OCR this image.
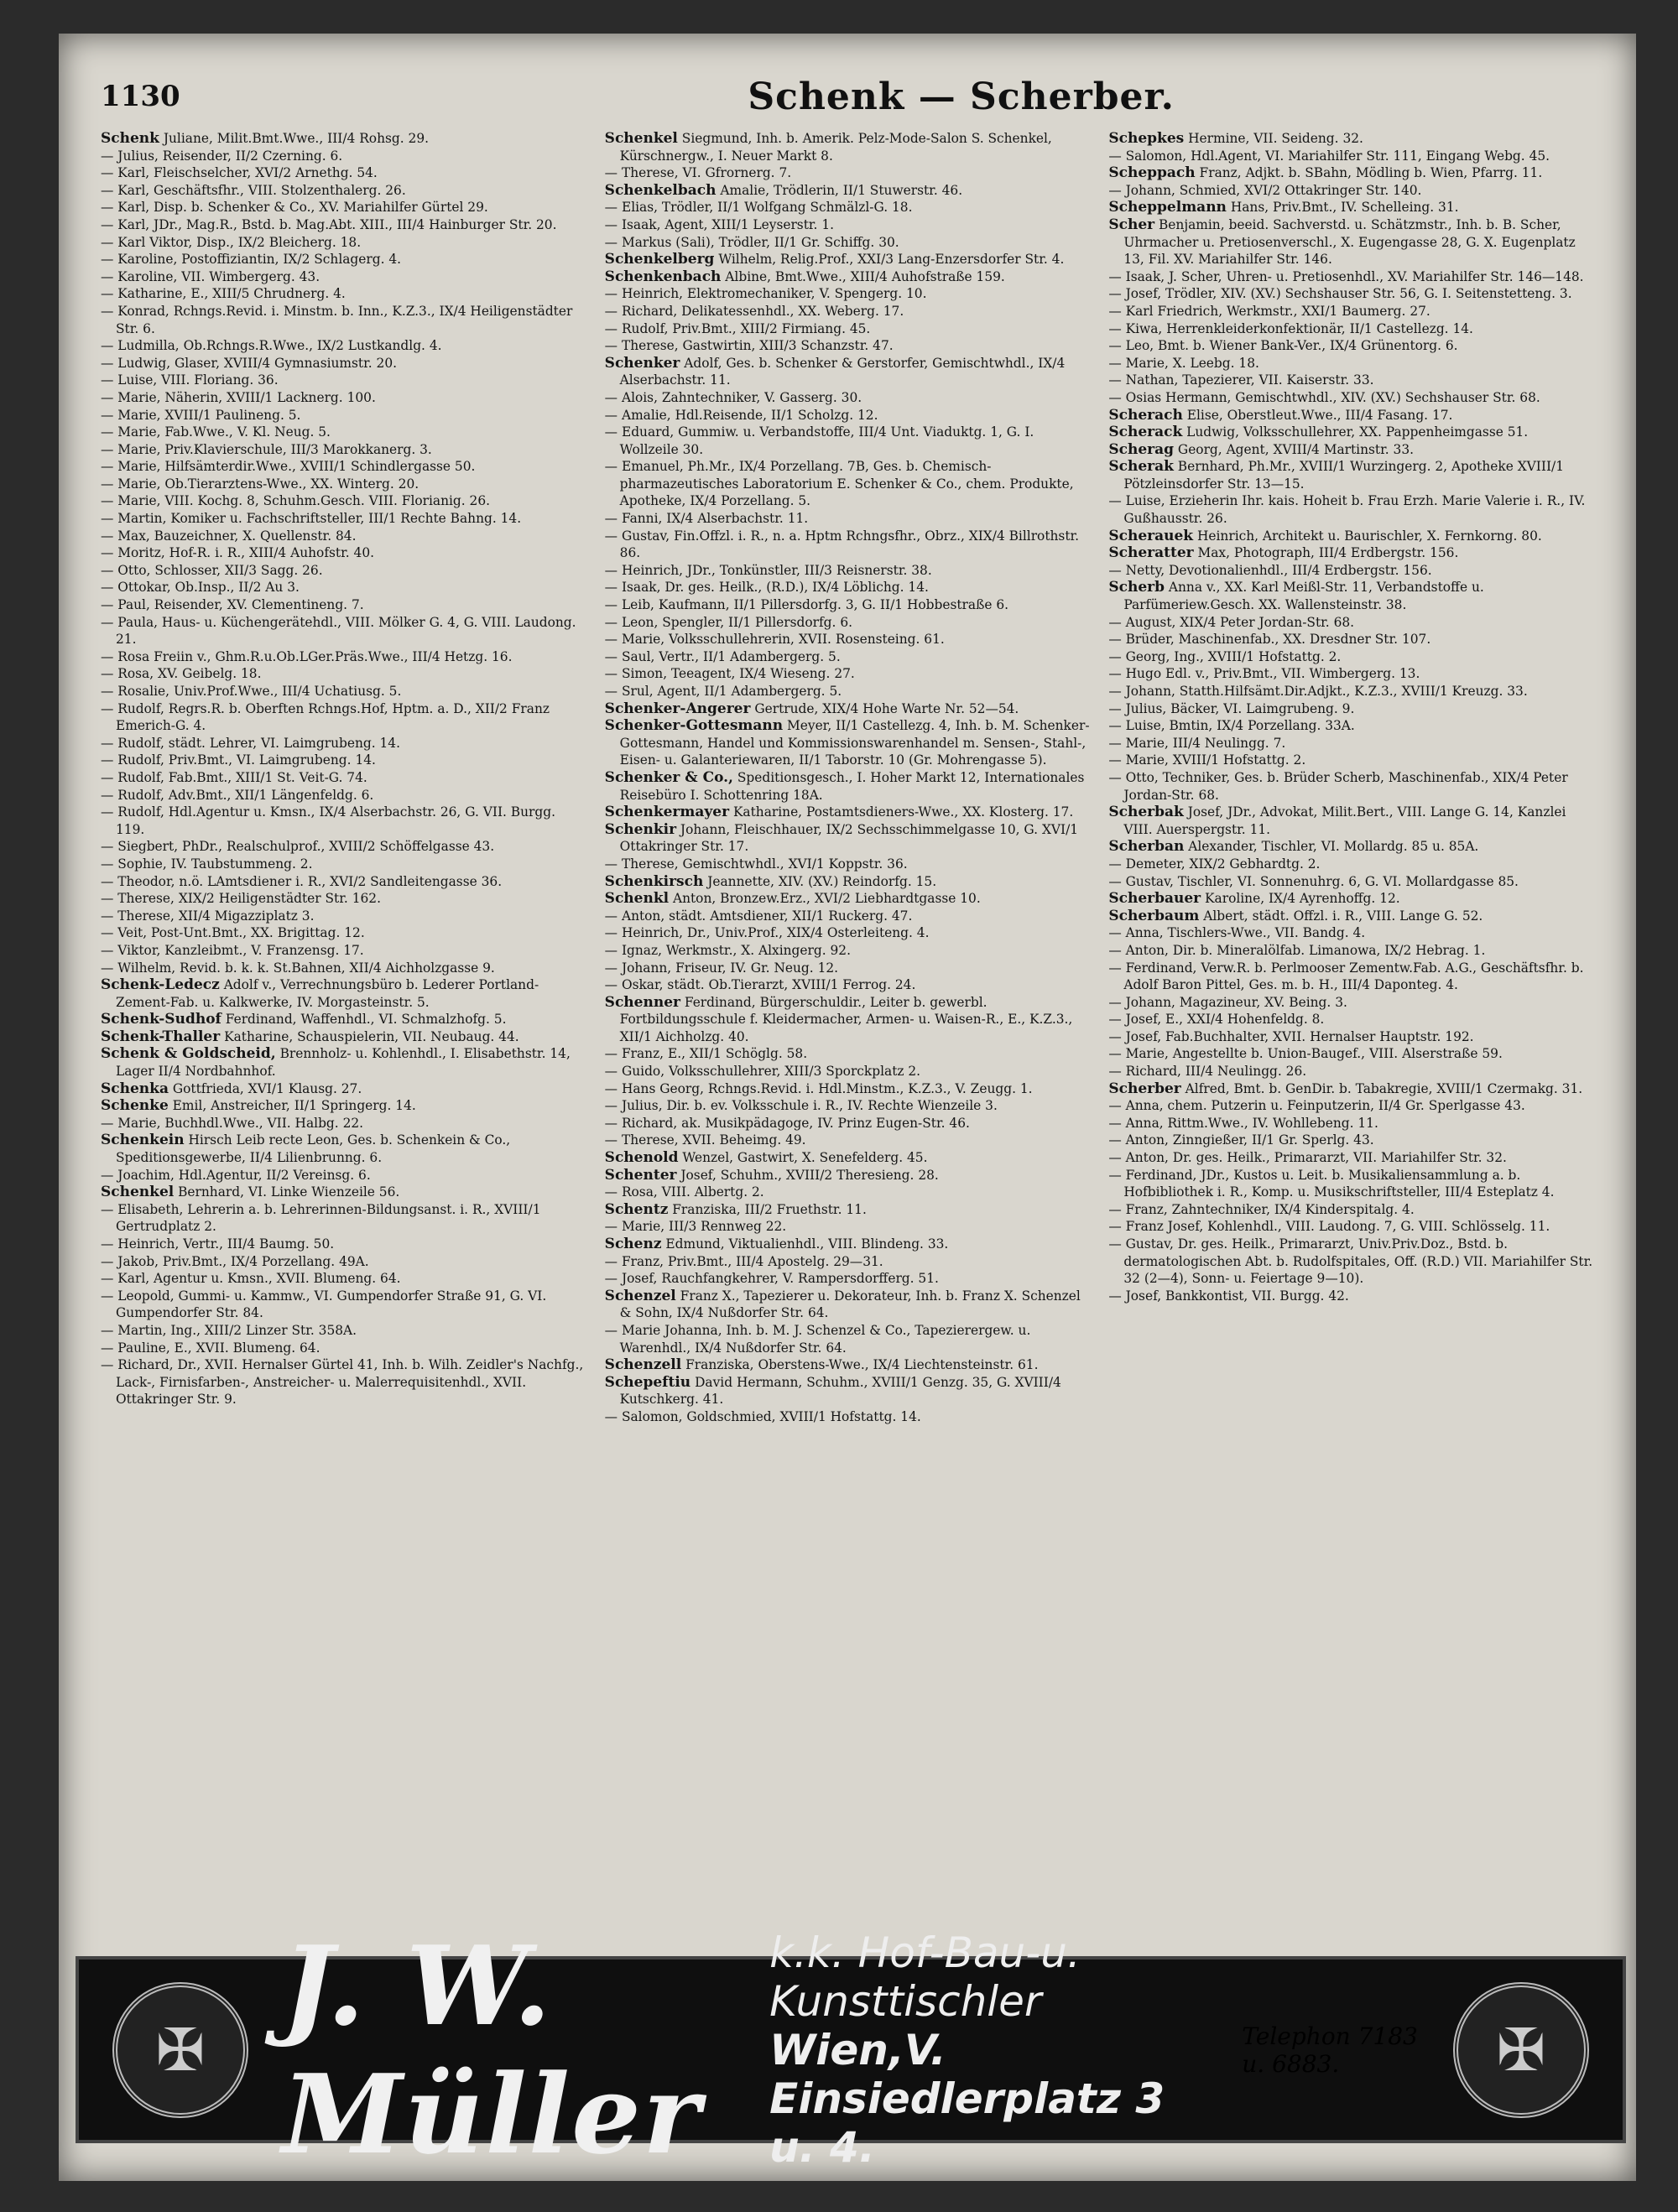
1130	Schenk — Scherber.

Schenk Juliane, Milit.Bmt.Wwe., III/4 Rohsg. 29.

— Julius, Reisender, II/2 Czerning. 6.

— Karl, Fleischselcher, XVI/2 Arnethg. 54.

— Karl, Geschäftsfhr., VIII. Stolzenthalerg. 26.

— Karl, Disp. b. Schenker & Co., XV. Mariahilfer Gürtel 29.

— Karl, JDr., Mag.R., Bstd. b. Mag.Abt. XIII., III/4 Hainburger Str. 20.

— Karl Viktor, Disp., IX/2 Bleicherg. 18.

— Karoline, Postoffiziantin, IX/2 Schlagerg. 4.

— Karoline, VII. Wimbergerg. 43.

— Katharine, E., XIII/5 Chrudnerg. 4.

— Konrad, Rchngs.Revid. i. Minstm. b. Inn., K.Z.3., IX/4 Heiligenstädter Str. 6.

— Ludmilla, Ob.Rchngs.R.Wwe., IX/2 Lustkandlg. 4.

— Ludwig, Glaser, XVIII/4 Gymnasiumstr. 20.

— Luise, VIII. Floriang. 36.

— Marie, Näherin, XVIII/1 Lacknerg. 100.

— Marie, XVIII/1 Paulineng. 5.

— Marie, Fab.Wwe., V. Kl. Neug. 5.

— Marie, Priv.Klavierschule, III/3 Marokkanerg. 3.

— Marie, Hilfsämterdir.Wwe., XVIII/1 Schindlergasse 50.

— Marie, Ob.Tierarztens-Wwe., XX. Winterg. 20.

— Marie, VIII. Kochg. 8, Schuhm.Gesch. VIII. Florianig. 26.

— Martin, Komiker u. Fachschriftsteller, III/1 Rechte Bahng. 14.

— Max, Bauzeichner, X. Quellenstr. 84.

— Moritz, Hof-R. i. R., XIII/4 Auhofstr. 40.

— Otto, Schlosser, XII/3 Sagg. 26.

— Ottokar, Ob.Insp., II/2 Au 3.

— Paul, Reisender, XV. Clementineng. 7.

— Paula, Haus- u. Küchengerätehdl., VIII. Mölker G. 4, G. VIII. Laudong. 21.

— Rosa Freiin v., Ghm.R.u.Ob.LGer.Präs.Wwe., III/4 Hetzg. 16.

— Rosa, XV. Geibelg. 18.

— Rosalie, Univ.Prof.Wwe., III/4 Uchatiusg. 5.

— Rudolf, Regrs.R. b. Oberften Rchngs.Hof, Hptm. a. D., XII/2 Franz Emerich-G. 4.

— Rudolf, städt. Lehrer, VI. Laimgrubeng. 14.

— Rudolf, Priv.Bmt., VI. Laimgrubeng. 14.

— Rudolf, Fab.Bmt., XIII/1 St. Veit-G. 74.

— Rudolf, Adv.Bmt., XII/1 Längenfeldg. 6.

— Rudolf, Hdl.Agentur u. Kmsn., IX/4 Alserbachstr. 26, G. VII. Burgg. 119.

— Siegbert, PhDr., Realschulprof., XVIII/2 Schöffelgasse 43.

— Sophie, IV. Taubstummeng. 2.

— Theodor, n.ö. LAmtsdiener i. R., XVI/2 Sandleitengasse 36.

— Therese, XIX/2 Heiligenstädter Str. 162.

— Therese, XII/4 Migazziplatz 3.

— Veit, Post-Unt.Bmt., XX. Brigittag. 12.

— Viktor, Kanzleibmt., V. Franzensg. 17.

— Wilhelm, Revid. b. k. k. St.Bahnen, XII/4 Aichholzgasse 9.

Schenk-Ledecz Adolf v., Verrechnungsbüro b. Lederer Portland-Zement-Fab. u. Kalkwerke, IV. Morgasteinstr. 5.

Schenk-Sudhof Ferdinand, Waffenhdl., VI. Schmalzhofg. 5.

Schenk-Thaller Katharine, Schauspielerin, VII. Neubaug. 44.

Schenk & Goldscheid, Brennholz- u. Kohlenhdl., I. Elisabethstr. 14, Lager II/4 Nordbahnhof.

Schenka Gottfrieda, XVI/1 Klausg. 27.

Schenke Emil, Anstreicher, II/1 Springerg. 14.

— Marie, Buchhdl.Wwe., VII. Halbg. 22.

Schenkein Hirsch Leib recte Leon, Ges. b. Schenkein & Co., Speditionsgewerbe, II/4 Lilienbrunng. 6.

— Joachim, Hdl.Agentur, II/2 Vereinsg. 6.

Schenkel Bernhard, VI. Linke Wienzeile 56.

— Elisabeth, Lehrerin a. b. Lehrerinnen-Bildungsanst. i. R., XVIII/1 Gertrudplatz 2.

— Heinrich, Vertr., III/4 Baumg. 50.

— Jakob, Priv.Bmt., IX/4 Porzellang. 49A.

— Karl, Agentur u. Kmsn., XVII. Blumeng. 64.

— Leopold, Gummi- u. Kammw., VI. Gumpendorfer Straße 91, G. VI. Gumpendorfer Str. 84.

— Martin, Ing., XIII/2 Linzer Str. 358A.

— Pauline, E., XVII. Blumeng. 64.

— Richard, Dr., XVII. Hernalser Gürtel 41, Inh. b. Wilh. Zeidler's Nachfg., Lack-, Firnisfarben-, Anstreicher- u. Malerrequisitenhdl., XVII. Ottakringer Str. 9.

Schenkel Siegmund, Inh. b. Amerik. Pelz-Mode-Salon S. Schenkel, Kürschnergw., I. Neuer Markt 8.

— Therese, VI. Gfrornerg. 7.

Schenkelbach Amalie, Trödlerin, II/1 Stuwerstr. 46.

— Elias, Trödler, II/1 Wolfgang Schmälzl-G. 18.

— Isaak, Agent, XIII/1 Leyserstr. 1.

— Markus (Sali), Trödler, II/1 Gr. Schiffg. 30.

Schenkelberg Wilhelm, Relig.Prof., XXI/3 Lang-Enzersdorfer Str. 4.

Schenkenbach Albine, Bmt.Wwe., XIII/4 Auhofstraße 159.

— Heinrich, Elektromechaniker, V. Spengerg. 10.

— Richard, Delikatessenhdl., XX. Weberg. 17.

— Rudolf, Priv.Bmt., XIII/2 Firmiang. 45.

— Therese, Gastwirtin, XIII/3 Schanzstr. 47.

Schenker Adolf, Ges. b. Schenker & Gerstorfer, Gemischtwhdl., IX/4 Alserbachstr. 11.

— Alois, Zahntechniker, V. Gasserg. 30.

— Amalie, Hdl.Reisende, II/1 Scholzg. 12.

— Eduard, Gummiw. u. Verbandstoffe, III/4 Unt. Viaduktg. 1, G. I. Wollzeile 30.

— Emanuel, Ph.Mr., IX/4 Porzellang. 7B, Ges. b. Chemisch-pharmazeutisches Laboratorium E. Schenker & Co., chem. Produkte, Apotheke, IX/4 Porzellang. 5.

— Fanni, IX/4 Alserbachstr. 11.

— Gustav, Fin.Offzl. i. R., n. a. Hptm Rchngsfhr., Obrz., XIX/4 Billrothstr. 86.

— Heinrich, JDr., Tonkünstler, III/3 Reisnerstr. 38.

— Isaak, Dr. ges. Heilk., (R.D.), IX/4 Löblichg. 14.

— Leib, Kaufmann, II/1 Pillersdorfg. 3, G. II/1 Hobbestraße 6.

— Leon, Spengler, II/1 Pillersdorfg. 6.

— Marie, Volksschullehrerin, XVII. Rosensteing. 61.

— Saul, Vertr., II/1 Adambergerg. 5.

— Simon, Teeagent, IX/4 Wieseng. 27.

— Srul, Agent, II/1 Adambergerg. 5.

Schenker-Angerer Gertrude, XIX/4 Hohe Warte Nr. 52—54.

Schenker-Gottesmann Meyer, II/1 Castellezg. 4, Inh. b. M. Schenker-Gottesmann, Handel und Kommissionswarenhandel m. Sensen-, Stahl-, Eisen- u. Galanteriewaren, II/1 Taborstr. 10 (Gr. Mohrengasse 5).

Schenker & Co., Speditionsgesch., I. Hoher Markt 12, Internationales Reisebüro I. Schottenring 18A.

Schenkermayer Katharine, Postamtsdieners-Wwe., XX. Klosterg. 17.

Schenkir Johann, Fleischhauer, IX/2 Sechsschimmelgasse 10, G. XVI/1 Ottakringer Str. 17.

— Therese, Gemischtwhdl., XVI/1 Koppstr. 36.

Schenkirsch Jeannette, XIV. (XV.) Reindorfg. 15.

Schenkl Anton, Bronzew.Erz., XVI/2 Liebhardtgasse 10.

— Anton, städt. Amtsdiener, XII/1 Ruckerg. 47.

— Heinrich, Dr., Univ.Prof., XIX/4 Osterleiteng. 4.

— Ignaz, Werkmstr., X. Alxingerg. 92.

— Johann, Friseur, IV. Gr. Neug. 12.

— Oskar, städt. Ob.Tierarzt, XVIII/1 Ferrog. 24.

Schenner Ferdinand, Bürgerschuldir., Leiter b. gewerbl. Fortbildungsschule f. Kleidermacher, Armen- u. Waisen-R., E., K.Z.3., XII/1 Aichholzg. 40.

— Franz, E., XII/1 Schöglg. 58.

— Guido, Volksschullehrer, XIII/3 Sporckplatz 2.

— Hans Georg, Rchngs.Revid. i. Hdl.Minstm., K.Z.3., V. Zeugg. 1.

— Julius, Dir. b. ev. Volksschule i. R., IV. Rechte Wienzeile 3.

— Richard, ak. Musikpädagoge, IV. Prinz Eugen-Str. 46.

— Therese, XVII. Beheimg. 49.

Schenold Wenzel, Gastwirt, X. Senefelderg. 45.

Schenter Josef, Schuhm., XVIII/2 Theresieng. 28.

— Rosa, VIII. Albertg. 2.

Schentz Franziska, III/2 Fruethstr. 11.

— Marie, III/3 Rennweg 22.

Schenz Edmund, Viktualienhdl., VIII. Blindeng. 33.

— Franz, Priv.Bmt., III/4 Apostelg. 29—31.

— Josef, Rauchfangkehrer, V. Rampersdorfferg. 51.

Schenzel Franz X., Tapezierer u. Dekorateur, Inh. b. Franz X. Schenzel & Sohn, IX/4 Nußdorfer Str. 64.

— Marie Johanna, Inh. b. M. J. Schenzel & Co., Tapezierergew. u. Warenhdl., IX/4 Nußdorfer Str. 64.

Schenzell Franziska, Oberstens-Wwe., IX/4 Liechtensteinstr. 61.

Schepeftiu David Hermann, Schuhm., XVIII/1 Genzg. 35, G. XVIII/4 Kutschkerg. 41.

— Salomon, Goldschmied, XVIII/1 Hofstattg. 14.

Schepkes Hermine, VII. Seideng. 32.

— Salomon, Hdl.Agent, VI. Mariahilfer Str. 111, Eingang Webg. 45.

Scheppach Franz, Adjkt. b. SBahn, Mödling b. Wien, Pfarrg. 11.

— Johann, Schmied, XVI/2 Ottakringer Str. 140.

Scheppelmann Hans, Priv.Bmt., IV. Schelleing. 31.

Scher Benjamin, beeid. Sachverstd. u. Schätzmstr., Inh. b. B. Scher, Uhrmacher u. Pretiosenverschl., X. Eugengasse 28, G. X. Eugenplatz 13, Fil. XV. Mariahilfer Str. 146.

— Isaak, J. Scher, Uhren- u. Pretiosenhdl., XV. Mariahilfer Str. 146—148.

— Josef, Trödler, XIV. (XV.) Sechshauser Str. 56, G. I. Seitenstetteng. 3.

— Karl Friedrich, Werkmstr., XXI/1 Baumerg. 27.

— Kiwa, Herrenkleiderkonfektionär, II/1 Castellezg. 14.

— Leo, Bmt. b. Wiener Bank-Ver., IX/4 Grünentorg. 6.

— Marie, X. Leebg. 18.

— Nathan, Tapezierer, VII. Kaiserstr. 33.

— Osias Hermann, Gemischtwhdl., XIV. (XV.) Sechshauser Str. 68.

Scherach Elise, Oberstleut.Wwe., III/4 Fasang. 17.

Scherack Ludwig, Volksschullehrer, XX. Pappenheimgasse 51.

Scherag Georg, Agent, XVIII/4 Martinstr. 33.

Scherak Bernhard, Ph.Mr., XVIII/1 Wurzingerg. 2, Apotheke XVIII/1 Pötzleinsdorfer Str. 13—15.

— Luise, Erzieherin Ihr. kais. Hoheit b. Frau Erzh. Marie Valerie i. R., IV. Gußhausstr. 26.

Scherauek Heinrich, Architekt u. Baurischler, X. Fernkorng. 80.

Scheratter Max, Photograph, III/4 Erdbergstr. 156.

— Netty, Devotionalienhdl., III/4 Erdbergstr. 156.

Scherb Anna v., XX. Karl Meißl-Str. 11, Verbandstoffe u. Parfümeriew.Gesch. XX. Wallensteinstr. 38.

— August, XIX/4 Peter Jordan-Str. 68.

— Brüder, Maschinenfab., XX. Dresdner Str. 107.

— Georg, Ing., XVIII/1 Hofstattg. 2.

— Hugo Edl. v., Priv.Bmt., VII. Wimbergerg. 13.

— Johann, Statth.Hilfsämt.Dir.Adjkt., K.Z.3., XVIII/1 Kreuzg. 33.

— Julius, Bäcker, VI. Laimgrubeng. 9.

— Luise, Bmtin, IX/4 Porzellang. 33A.

— Marie, III/4 Neulingg. 7.

— Marie, XVIII/1 Hofstattg. 2.

— Otto, Techniker, Ges. b. Brüder Scherb, Maschinenfab., XIX/4 Peter Jordan-Str. 68.

Scherbak Josef, JDr., Advokat, Milit.Bert., VIII. Lange G. 14, Kanzlei VIII. Auerspergstr. 11.

Scherban Alexander, Tischler, VI. Mollardg. 85 u. 85A.

— Demeter, XIX/2 Gebhardtg. 2.

— Gustav, Tischler, VI. Sonnenuhrg. 6, G. VI. Mollardgasse 85.

Scherbauer Karoline, IX/4 Ayrenhoffg. 12.

Scherbaum Albert, städt. Offzl. i. R., VIII. Lange G. 52.

— Anna, Tischlers-Wwe., VII. Bandg. 4.

— Anton, Dir. b. Mineralölfab. Limanowa, IX/2 Hebrag. 1.

— Ferdinand, Verw.R. b. Perlmooser Zementw.Fab. A.G., Geschäftsfhr. b. Adolf Baron Pittel, Ges. m. b. H., III/4 Daponteg. 4.

— Johann, Magazineur, XV. Being. 3.

— Josef, E., XXI/4 Hohenfeldg. 8.

— Josef, Fab.Buchhalter, XVII. Hernalser Hauptstr. 192.

— Marie, Angestellte b. Union-Baugef., VIII. Alserstraße 59.

— Richard, III/4 Neulingg. 26.

Scherber Alfred, Bmt. b. GenDir. b. Tabakregie, XVIII/1 Czermakg. 31.

— Anna, chem. Putzerin u. Feinputzerin, II/4 Gr. Sperlgasse 43.

— Anna, Rittm.Wwe., IV. Wohllebeng. 11.

— Anton, Zinngießer, II/1 Gr. Sperlg. 43.

— Anton, Dr. ges. Heilk., Primararzt, VII. Mariahilfer Str. 32.

— Ferdinand, JDr., Kustos u. Leit. b. Musikaliensammlung a. b. Hofbibliothek i. R., Komp. u. Musikschriftsteller, III/4 Esteplatz 4.

— Franz, Zahntechniker, IX/4 Kinderspitalg. 4.

— Franz Josef, Kohlenhdl., VIII. Laudong. 7, G. VIII. Schlösselg. 11.

— Gustav, Dr. ges. Heilk., Primararzt, Univ.Priv.Doz., Bstd. b. dermatologischen Abt. b. Rudolfspitales, Off. (R.D.) VII. Mariahilfer Str. 32 (2—4), Sonn- u. Feiertage 9—10).

— Josef, Bankkontist, VII. Burgg. 42.

✠ J. W. Müller
k.k. Hof-Bau-u. Kunsttischler
Wien,V. Einsiedlerplatz 3 u. 4.
Telephon 7183 u. 6883.	✠
